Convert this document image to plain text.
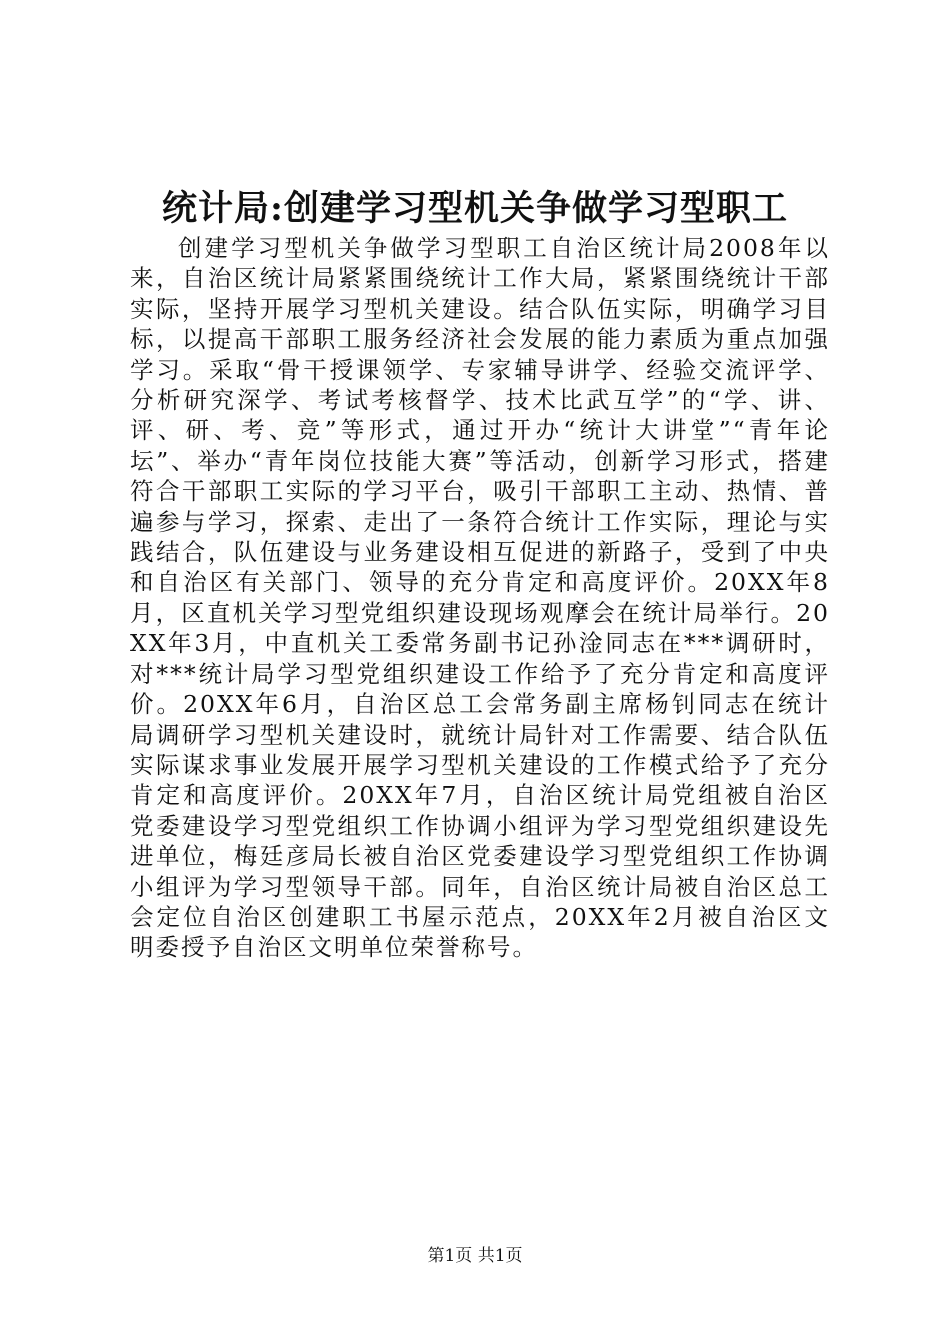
统计局:创建学习型机关争做学习型职工

创建学习型机关争做学习型职工自治区统计局2008年以来，自治区统计局紧紧围绕统计工作大局，紧紧围绕统计干部实际，坚持开展学习型机关建设。结合队伍实际，明确学习目标，以提高干部职工服务经济社会发展的能力素质为重点加强学习。采取“骨干授课领学、专家辅导讲学、经验交流评学、分析研究深学、考试考核督学、技术比武互学”的“学、讲、评、研、考、竞”等形式，通过开办“统计大讲堂”“青年论坛”、举办“青年岗位技能大赛”等活动，创新学习形式，搭建符合干部职工实际的学习平台，吸引干部职工主动、热情、普遍参与学习，探索、走出了一条符合统计工作实际，理论与实践结合，队伍建设与业务建设相互促进的新路子，受到了中央和自治区有关部门、领导的充分肯定和高度评价。20XX年8月，区直机关学习型党组织建设现场观摩会在统计局举行。20XX年3月，中直机关工委常务副书记孙淦同志在***调研时，对***统计局学习型党组织建设工作给予了充分肯定和高度评价。20XX年6月，自治区总工会常务副主席杨钊同志在统计局调研学习型机关建设时，就统计局针对工作需要、结合队伍实际谋求事业发展开展学习型机关建设的工作模式给予了充分肯定和高度评价。20XX年7月，自治区统计局党组被自治区党委建设学习型党组织工作协调小组评为学习型党组织建设先进单位，梅廷彦局长被自治区党委建设学习型党组织工作协调小组评为学习型领导干部。同年，自治区统计局被自治区总工会定位自治区创建职工书屋示范点，20XX年2月被自治区文明委授予自治区文明单位荣誉称号。

第1页 共1页
